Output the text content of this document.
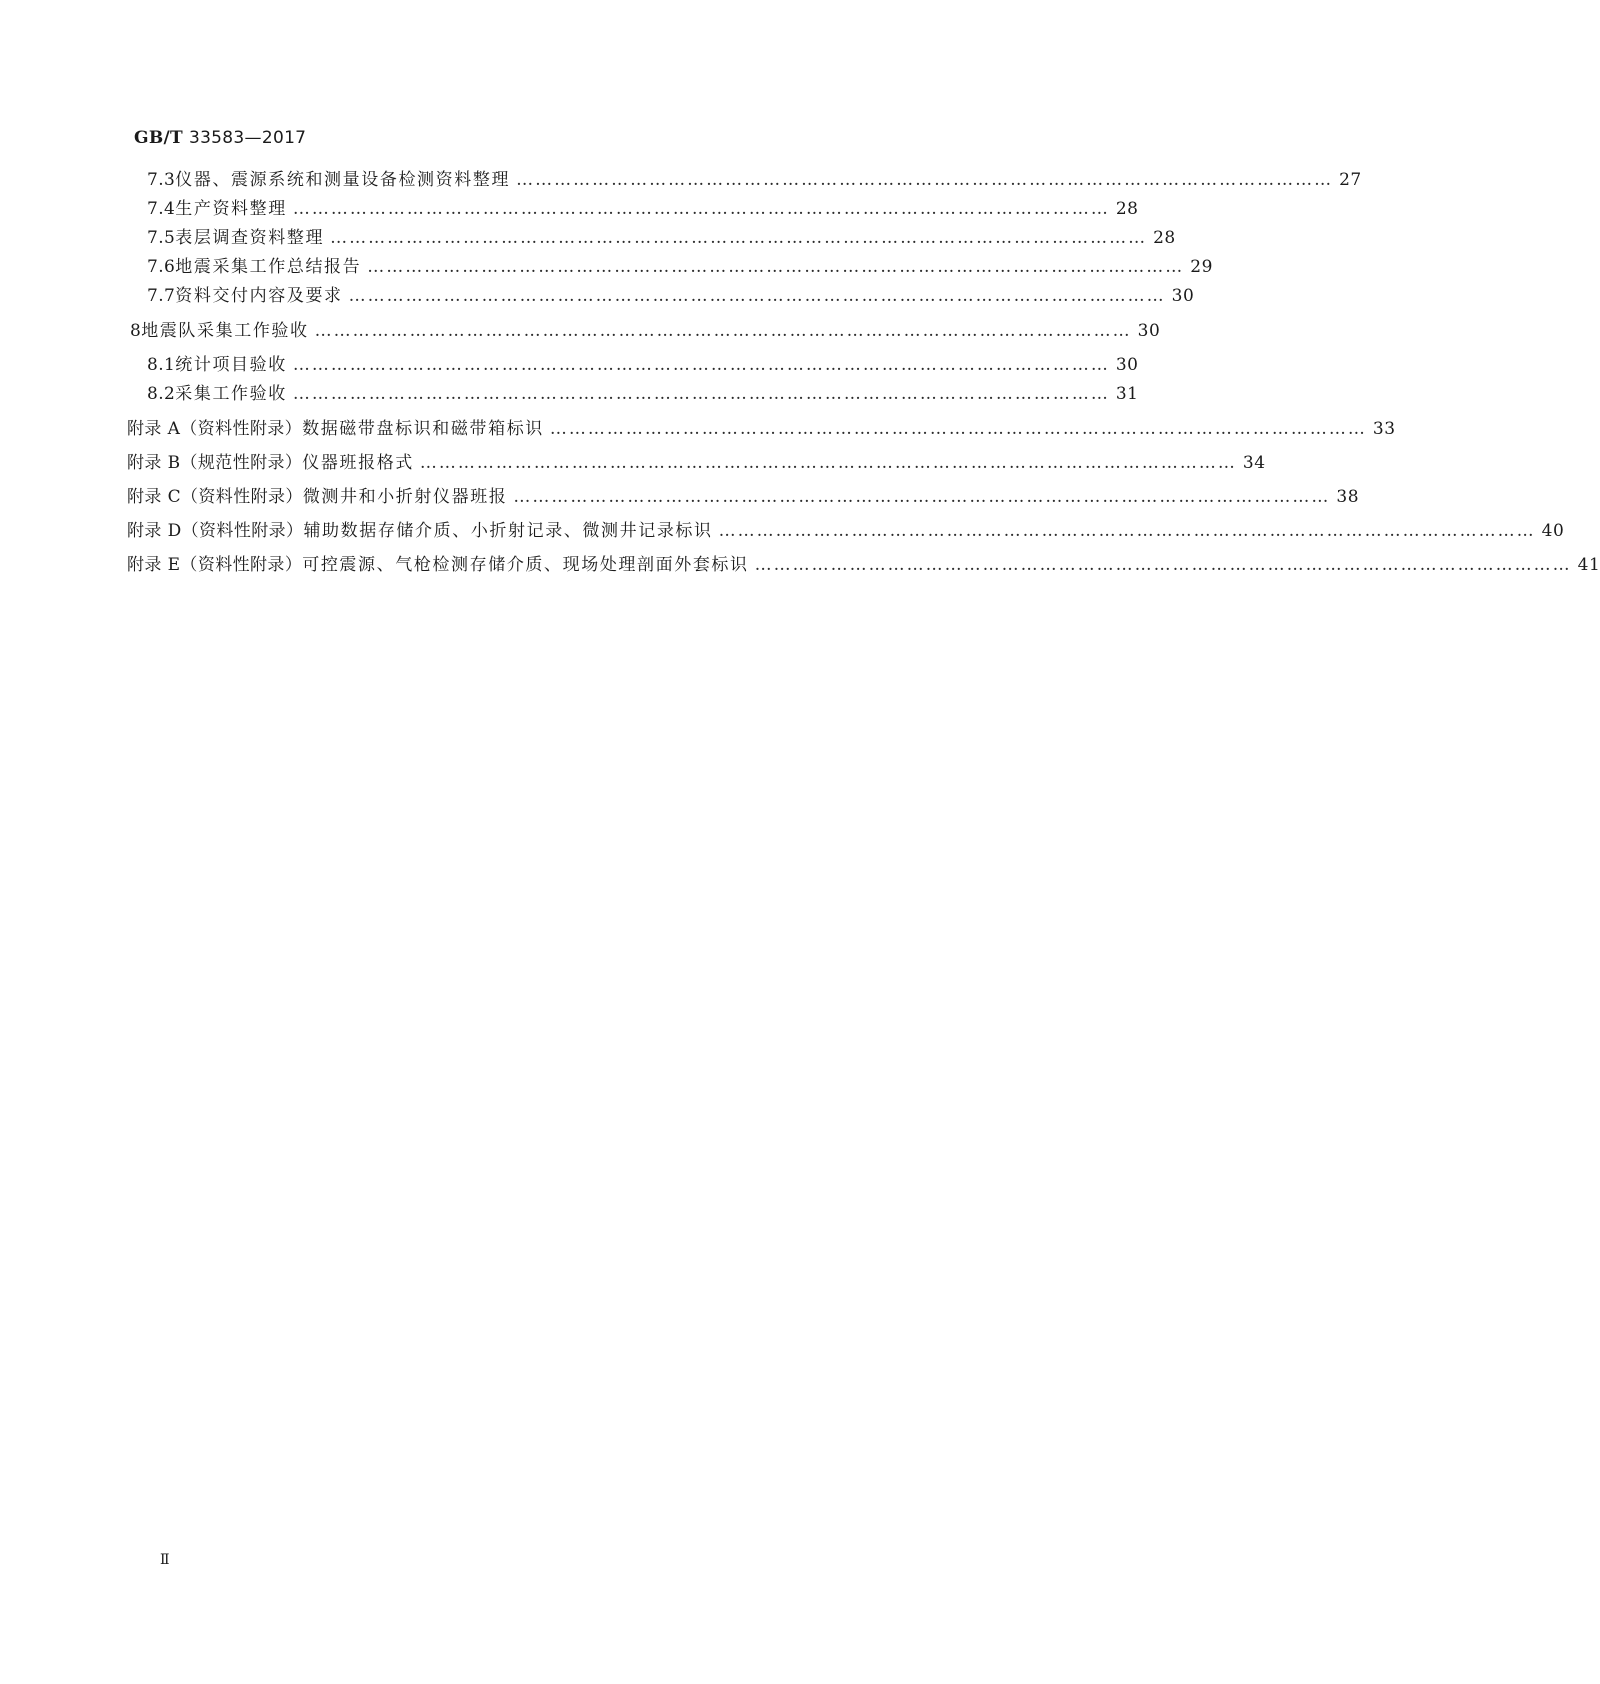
GB/T 33583—2017
7.3 仪器、震源系统和测量设备检测资料整理 ………………………………………………………………………………………………………………… 27
7.4 生产资料整理 ………………………………………………………………………………………………………………… 28
7.5 表层调查资料整理 ………………………………………………………………………………………………………………… 28
7.6 地震采集工作总结报告 ………………………………………………………………………………………………………………… 29
7.7 资料交付内容及要求 ………………………………………………………………………………………………………………… 30
8 地震队采集工作验收 ………………………………………………………………………………………………………………… 30
8.1 统计项目验收 ………………………………………………………………………………………………………………… 30
8.2 采集工作验收 ………………………………………………………………………………………………………………… 31
附录 A（资料性附录） 数据磁带盘标识和磁带箱标识 ………………………………………………………………………………………………………………… 33
附录 B（规范性附录） 仪器班报格式 ………………………………………………………………………………………………………………… 34
附录 C（资料性附录） 微测井和小折射仪器班报 ………………………………………………………………………………………………………………… 38
附录 D（资料性附录） 辅助数据存储介质、小折射记录、微测井记录标识 ………………………………………………………………………………………………………………… 40
附录 E（资料性附录） 可控震源、气枪检测存储介质、现场处理剖面外套标识 ………………………………………………………………………………………………………………… 41
Ⅱ
